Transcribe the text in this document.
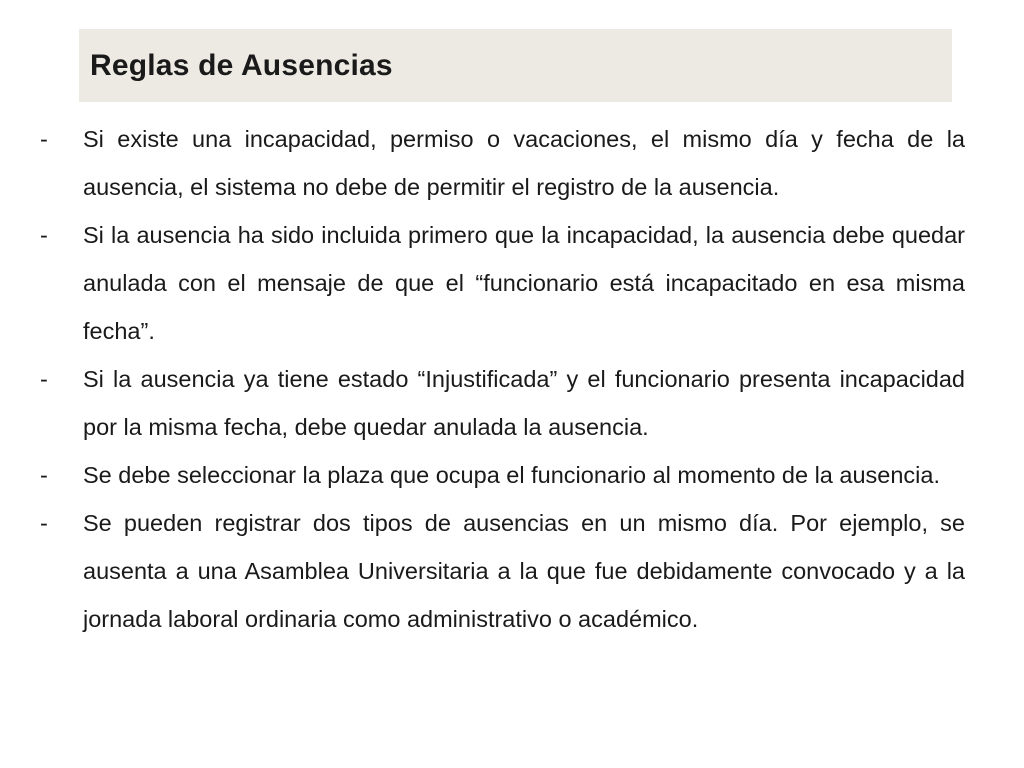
Reglas de Ausencias
-	Si existe una incapacidad, permiso o vacaciones, el mismo día y fecha de la ausencia, el sistema no debe de permitir el registro de la ausencia.
-	Si la ausencia ha sido incluida primero que la incapacidad, la ausencia debe quedar anulada con el mensaje de que el “funcionario está incapacitado en esa misma fecha”.
-	Si la ausencia ya tiene estado “Injustificada” y el funcionario presenta incapacidad por la misma fecha, debe quedar anulada la ausencia.
-	Se debe seleccionar la plaza que ocupa el funcionario al momento de la ausencia.
-	Se pueden registrar dos tipos de ausencias en un mismo día. Por ejemplo, se ausenta a una Asamblea Universitaria a la que fue debidamente convocado y a la jornada laboral ordinaria como administrativo o académico.
